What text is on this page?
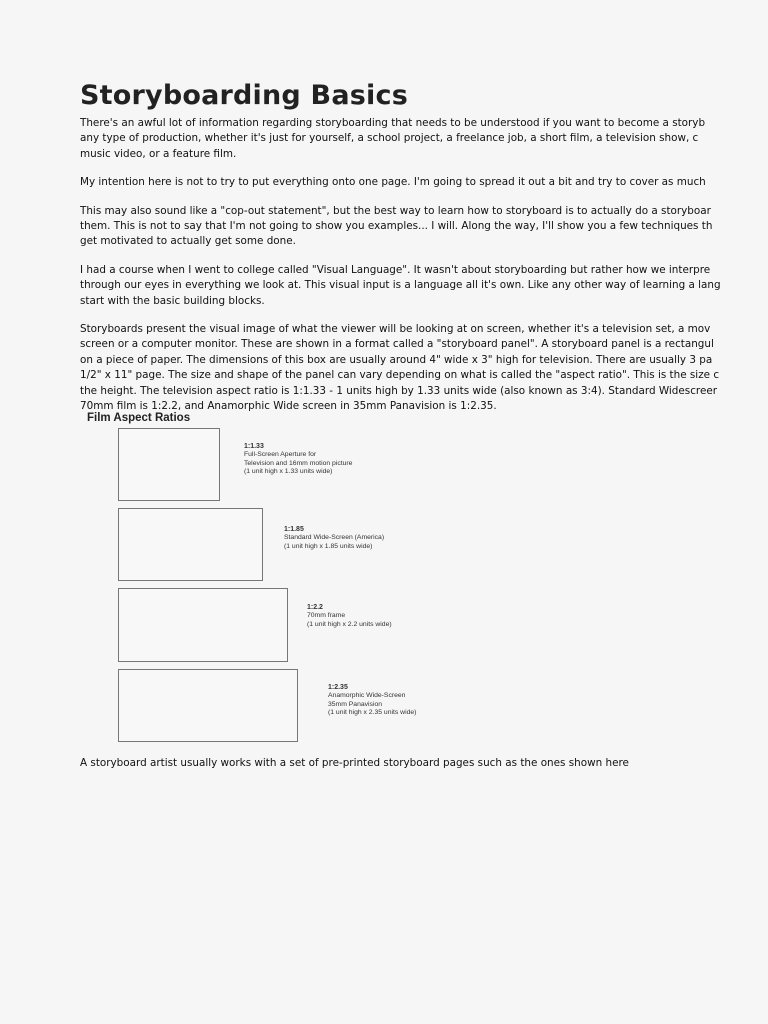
Storyboarding Basics

There's an awful lot of information regarding storyboarding that needs to be understood if you want to become a storyb
any type of production, whether it's just for yourself, a school project, a freelance job, a short film, a television show, c
music video, or a feature film.

My intention here is not to try to put everything onto one page. I'm going to spread it out a bit and try to cover as much

This may also sound like a "cop-out statement", but the best way to learn how to storyboard is to actually do a storyboar
them. This is not to say that I'm not going to show you examples... I will. Along the way, I'll show you a few techniques th
get motivated to actually get some done.

I had a course when I went to college called "Visual Language". It wasn't about storyboarding but rather how we interpre
through our eyes in everything we look at. This visual input is a language all it's own. Like any other way of learning a lang
start with the basic building blocks.

Storyboards present the visual image of what the viewer will be looking at on screen, whether it's a television set, a mov
screen or a computer monitor. These are shown in a format called a "storyboard panel". A storyboard panel is a rectangul
on a piece of paper. The dimensions of this box are usually around 4" wide x 3" high for television. There are usually 3 pa
1/2" x 11" page. The size and shape of the panel can vary depending on what is called the "aspect ratio". This is the size c
the height. The television aspect ratio is 1:1.33 - 1 units high by 1.33 units wide (also known as 3:4). Standard Widescreer
70mm film is 1:2.2, and Anamorphic Wide screen in 35mm Panavision is 1:2.35.

Film Aspect Ratios

1:1.33
Full-Screen Aperture for
Television and 16mm motion picture
(1 unit high x 1.33 units wide)
1:1.85
Standard Wide-Screen (America)
(1 unit high x 1.85 units wide)
1:2.2
70mm frame
(1 unit high x 2.2 units wide)
1:2.35
Anamorphic Wide-Screen
35mm Panavision
(1 unit high x 2.35 units wide)

A storyboard artist usually works with a set of pre-printed storyboard pages such as the ones shown here
